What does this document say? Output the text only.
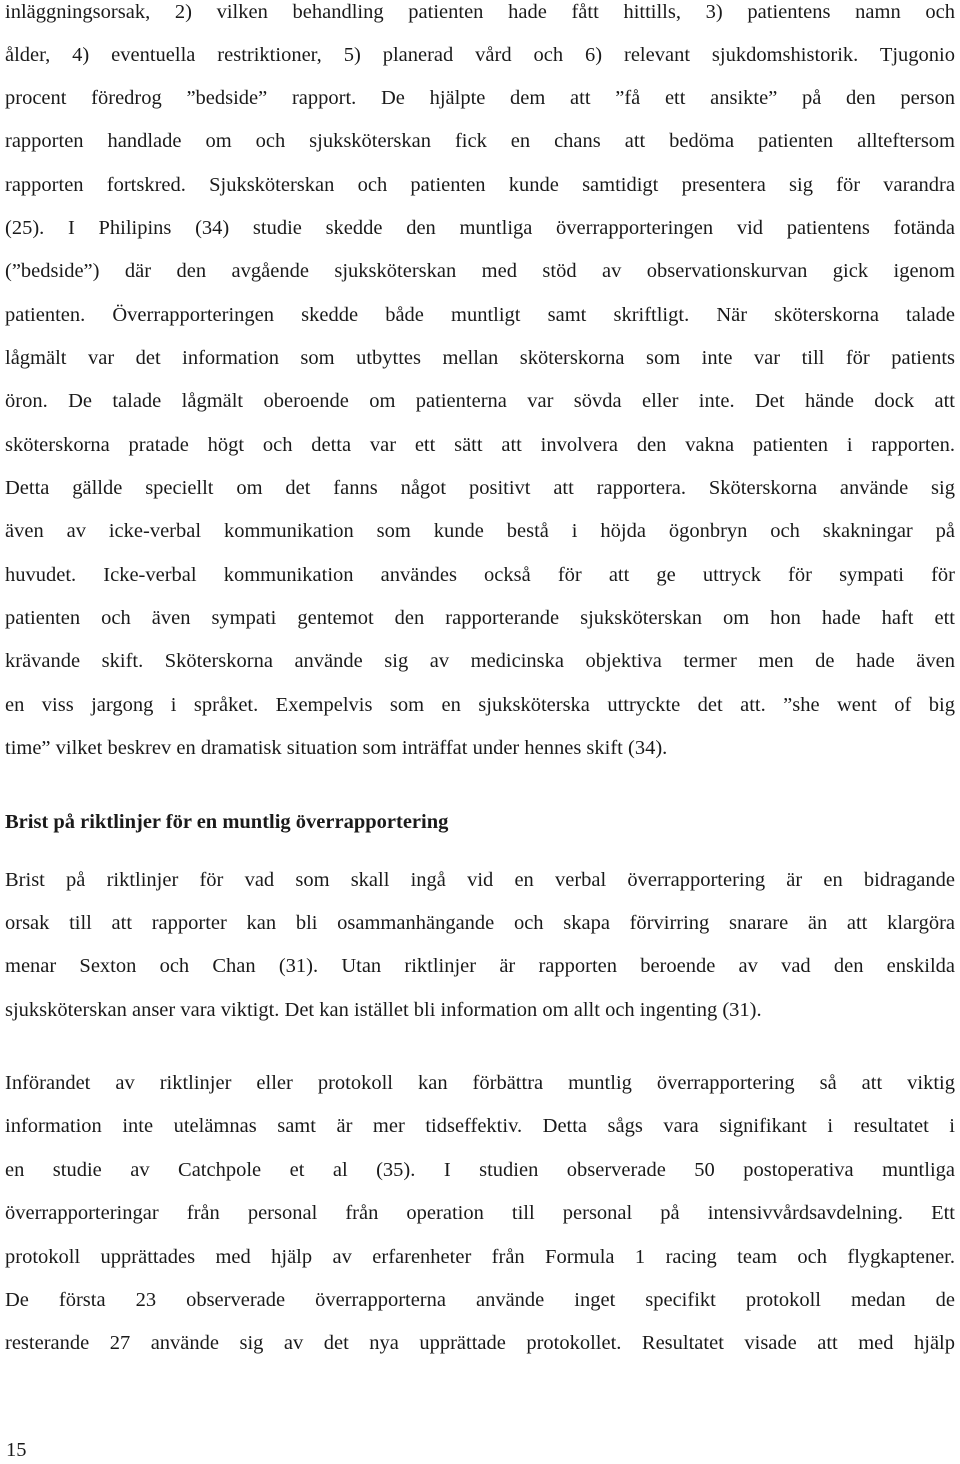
inläggningsorsak, 2) vilken behandling patienten hade fått hittills, 3) patientens namn och
ålder, 4) eventuella restriktioner, 5) planerad vård och 6) relevant sjukdomshistorik. Tjugonio
procent föredrog ”bedside” rapport. De hjälpte dem att ”få ett ansikte” på den person
rapporten handlade om och sjuksköterskan fick en chans att bedöma patienten allteftersom
rapporten fortskred. Sjuksköterskan och patienten kunde samtidigt presentera sig för varandra
(25). I Philipins (34) studie skedde den muntliga överrapporteringen vid patientens fotända
(”bedside”) där den avgående sjuksköterskan med stöd av observationskurvan gick igenom
patienten. Överrapporteringen skedde både muntligt samt skriftligt. När sköterskorna talade
lågmält var det information som utbyttes mellan sköterskorna som inte var till för patients
öron. De talade lågmält oberoende om patienterna var sövda eller inte. Det hände dock att
sköterskorna pratade högt och detta var ett sätt att involvera den vakna patienten i rapporten.
Detta gällde speciellt om det fanns något positivt att rapportera. Sköterskorna använde sig
även av icke-verbal kommunikation som kunde bestå i höjda ögonbryn och skakningar på
huvudet. Icke-verbal kommunikation användes också för att ge uttryck för sympati för
patienten och även sympati gentemot den rapporterande sjuksköterskan om hon hade haft ett
krävande skift. Sköterskorna använde sig av medicinska objektiva termer men de hade även
en viss jargong i språket. Exempelvis som en sjuksköterska uttryckte det att. ”she went of big
time” vilket beskrev en dramatisk situation som inträffat under hennes skift (34).
Brist på riktlinjer för en muntlig överrapportering
Brist på riktlinjer för vad som skall ingå vid en verbal överrapportering är en bidragande
orsak till att rapporter kan bli osammanhängande och skapa förvirring snarare än att klargöra
menar Sexton och Chan (31). Utan riktlinjer är rapporten beroende av vad den enskilda
sjuksköterskan anser vara viktigt. Det kan istället bli information om allt och ingenting (31).
Införandet av riktlinjer eller protokoll kan förbättra muntlig överrapportering så att viktig
information inte utelämnas samt är mer tidseffektiv. Detta sågs vara signifikant i resultatet i
en studie av Catchpole et al (35). I studien observerade 50 postoperativa muntliga
överrapporteringar från personal från operation till personal på intensivvårdsavdelning. Ett
protokoll upprättades med hjälp av erfarenheter från Formula 1 racing team och flygkaptener.
De första 23 observerade överrapporterna använde inget specifikt protokoll medan de
resterande 27 använde sig av det nya upprättade protokollet. Resultatet visade att med hjälp
15
